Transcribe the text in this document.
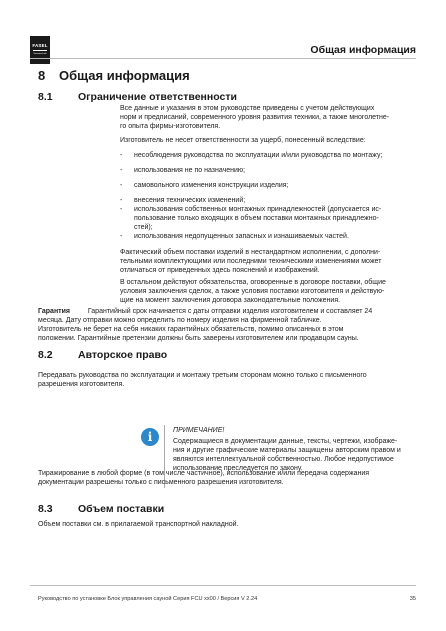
FASEL
Saunatechnik	Общая информация
8 Общая информация
8.1 Ограничение ответственности
Все данные и указания в этом руководстве приведены с учетом действующих
норм и предписаний, современного уровня развития техники, а также многолетне-
го опыта фирмы-изготовителя.
Изготовитель не несет ответственности за ущерб, понесенный вследствие:
- несоблюдения руководства по эксплуатации и/или руководства по монтажу;
- использования не по назначению;
- самовольного изменения конструкции изделия;
- внесения технических изменений;
- использования собственных монтажных принадлежностей (допускается ис-
пользование только входящих в объем поставки монтажных принадлежно-
стей);
- использования недопущенных запасных и изнашиваемых частей.
Фактический объем поставки изделий в нестандартном исполнении, с дополни-
тельными комплектующими или последними техническими изменениями может
отличаться от приведенных здесь пояснений и изображений.
В остальном действуют обязательства, оговоренные в договоре поставки, общие
условия заключения сделок, а также условия поставки изготовителя и действую-
щие на момент заключения договора законодательные положения.
Гарантия	Гарантийный срок начинается с даты отправки изделия изготовителем и составляет 24
месяца. Дату отправки можно определить по номеру изделия на фирменной табличке.
Изготовитель не берет на себя никаких гарантийных обязательств, помимо описанных в этом
положении. Гарантийные претензии должны быть заверены изготовителем или продавцом сауны.
8.2 Авторское право
Передавать руководства по эксплуатации и монтажу третьим сторонам можно только с письменного
разрешения изготовителя.
i	ПРИМЕЧАНИЕ!
Содержащиеся в документации данные, тексты, чертежи, изображе-
ния и другие графические материалы защищены авторским правом и
являются интеллектуальной собственностью. Любое недопустимое
использование преследуется по закону.
Тиражирование в любой форме (в том числе частичное), использование и/или передача содержания
документации разрешены только с письменного разрешения изготовителя.
8.3 Объем поставки
Объем поставки см. в прилагаемой транспортной накладной.
Руководство по установке Блок управления сауной Серия FCU xx00 / Версия V 2.24	35
